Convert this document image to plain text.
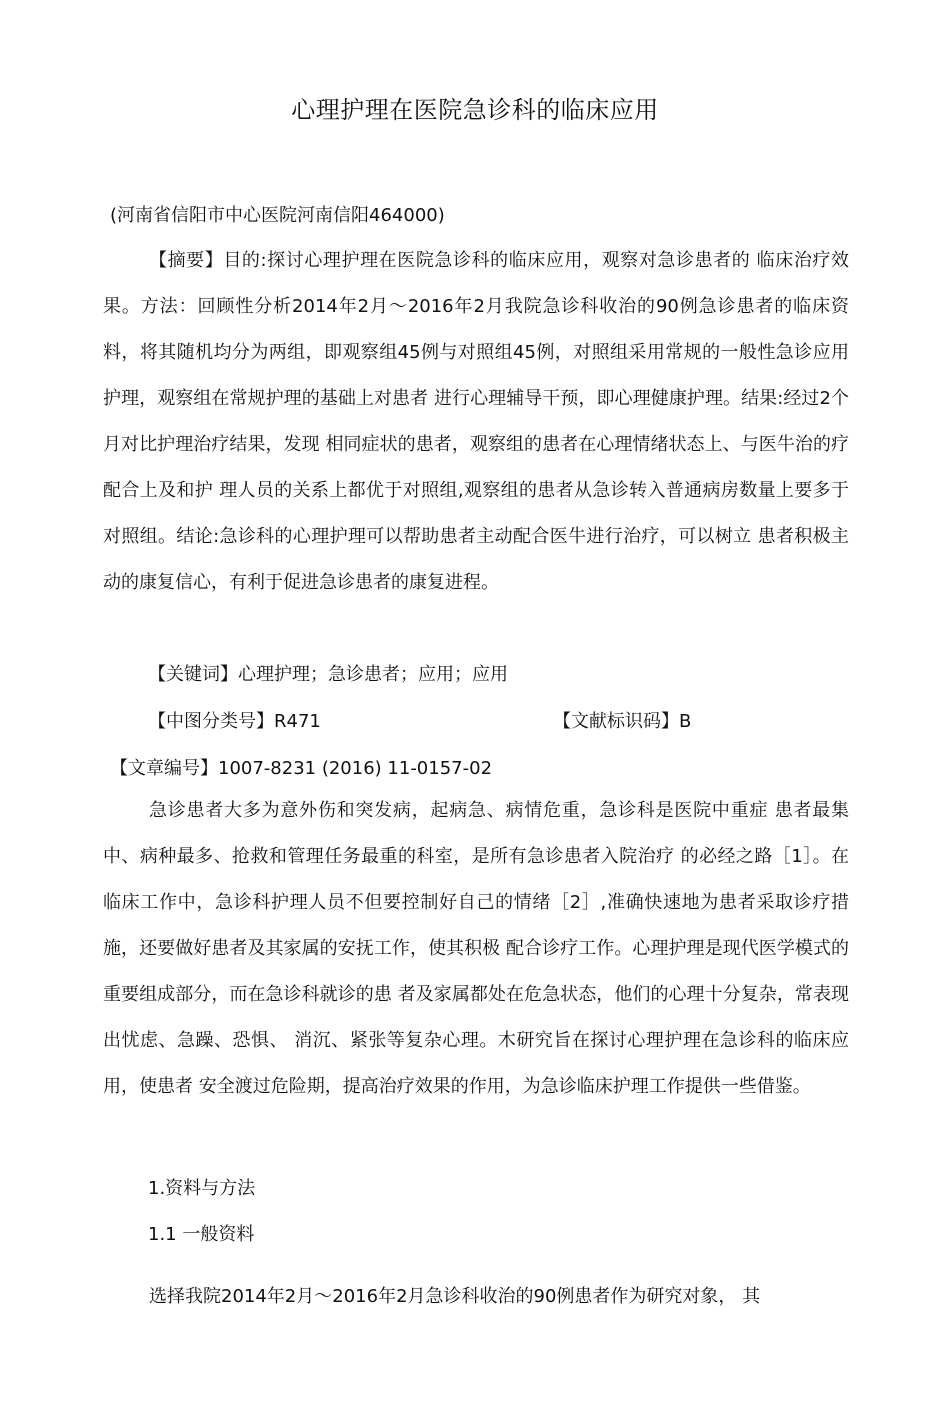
心理护理在医院急诊科的临床应用
(河南省信阳市中心医院河南信阳464000)
【摘要】目的:探讨心理护理在医院急诊科的临床应用，观察对急诊患者的 临床治疗效果。方法：回顾性分析2014年2月〜2016年2月我院急诊科收治的90例急诊患者的临床资料，将其随机均分为两组，即观察组45例与对照组45例，对照组采用常规的一般性急诊应用护理，观察组在常规护理的基础上对患者 进行心理辅导干预，即心理健康护理。结果:经过2个月对比护理治疗结果，发现 相同症状的患者，观察组的患者在心理情绪状态上、与医牛治的疗配合上及和护 理人员的关系上都优于对照组,观察组的患者从急诊转入普通病房数量上要多于 对照组。结论:急诊科的心理护理可以帮助患者主动配合医牛进行治疗，可以树立 患者积极主动的康复信心，有利于促进急诊患者的康复进程。
【关键词】心理护理；急诊患者；应用；应用
【中图分类号】R471	【文献标识码】B
【文章编号】1007-8231 (2016) 11-0157-02
急诊患者大多为意外伤和突发病，起病急、病情危重，急诊科是医院中重症 患者最集中、病种最多、抢救和管理任务最重的科室，是所有急诊患者入院治疗 的必经之路［1］。在临床工作中，急诊科护理人员不但要控制好自己的情绪［2］,准确快速地为患者采取诊疗措施，还要做好患者及其家属的安抚工作，使其积极 配合诊疗工作。心理护理是现代医学模式的重要组成部分，而在急诊科就诊的患 者及家属都处在危急状态，他们的心理十分复杂，常表现出忧虑、急躁、恐惧、 消沉、紧张等复杂心理。木研究旨在探讨心理护理在急诊科的临床应用，使患者 安全渡过危险期，提高治疗效果的作用，为急诊临床护理工作提供一些借鉴。
1.资料与方法
1.1 一般资料
选择我院2014年2月〜2016年2月急诊科收治的90例患者作为研究对象， 其
